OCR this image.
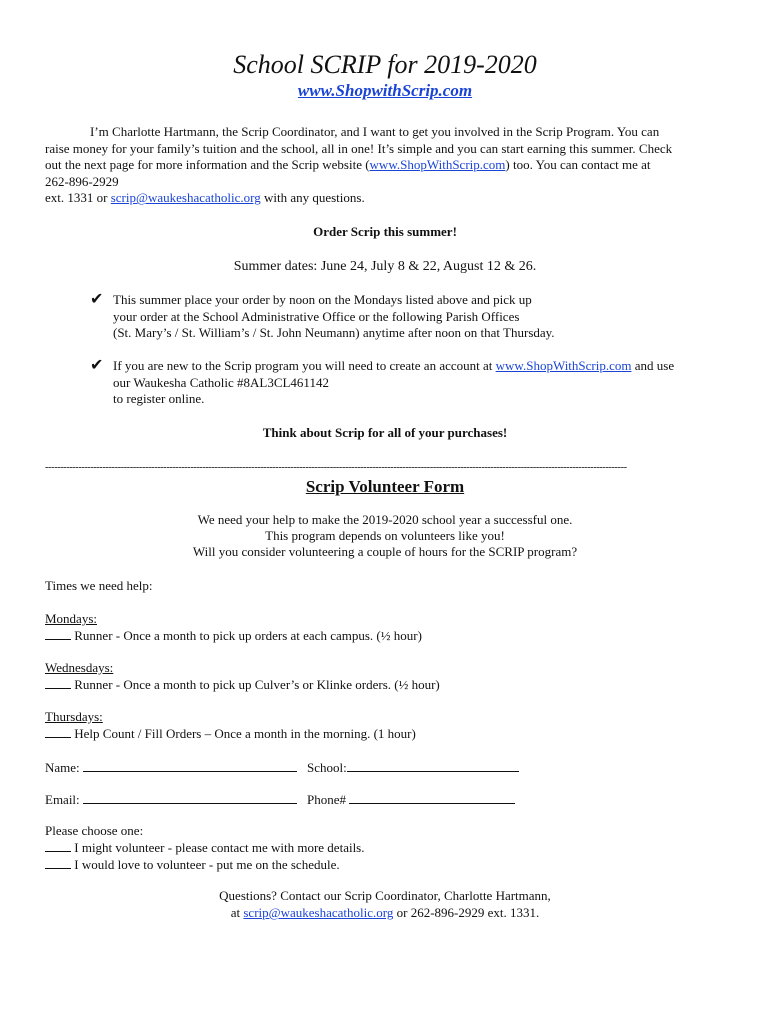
School SCRIP for 2019-2020
www.ShopwithScrip.com

I’m Charlotte Hartmann, the Scrip Coordinator, and I want to get you involved in the Scrip Program. You can

raise money for your family’s tuition and the school, all in one! It’s simple and you can start earning this summer. Check

out the next page for more information and the Scrip website (www.ShopWithScrip.com) too. You can contact me at

262-896-2929

ext. 1331 or scrip@waukeshacatholic.org with any questions.

Order Scrip this summer!
Summer dates: June 24, July 8 & 22, August 12 & 26.
✔ This summer place your order by noon on the Mondays listed above and pick up
your order at the School Administrative Office or the following Parish Offices
(St. Mary’s / St. William’s / St. John Neumann) anytime after noon on that Thursday.
✔ If you are new to the Scrip program you will need to create an account at www.ShopWithScrip.com and use
our Waukesha Catholic #8AL3CL461142
to register online.
Think about Scrip for all of your purchases!
------------------------------------------------------------------------------------------------------------------------------------------------------------------------------------------------
Scrip Volunteer Form
We need your help to make the 2019-2020 school year a successful one.
This program depends on volunteers like you!
Will you consider volunteering a couple of hours for the SCRIP program?
Times we need help:
Mondays:
Runner - Once a month to pick up orders at each campus. (½ hour)
Wednesdays:
Runner - Once a month to pick up Culver’s or Klinke orders. (½ hour)
Thursdays:
Help Count / Fill Orders – Once a month in the morning. (1 hour)
Name:	School:
Email:	Phone#
Please choose one:
I might volunteer - please contact me with more details.
I would love to volunteer - put me on the schedule.
Questions? Contact our Scrip Coordinator, Charlotte Hartmann,
at scrip@waukeshacatholic.org or 262-896-2929 ext. 1331.
